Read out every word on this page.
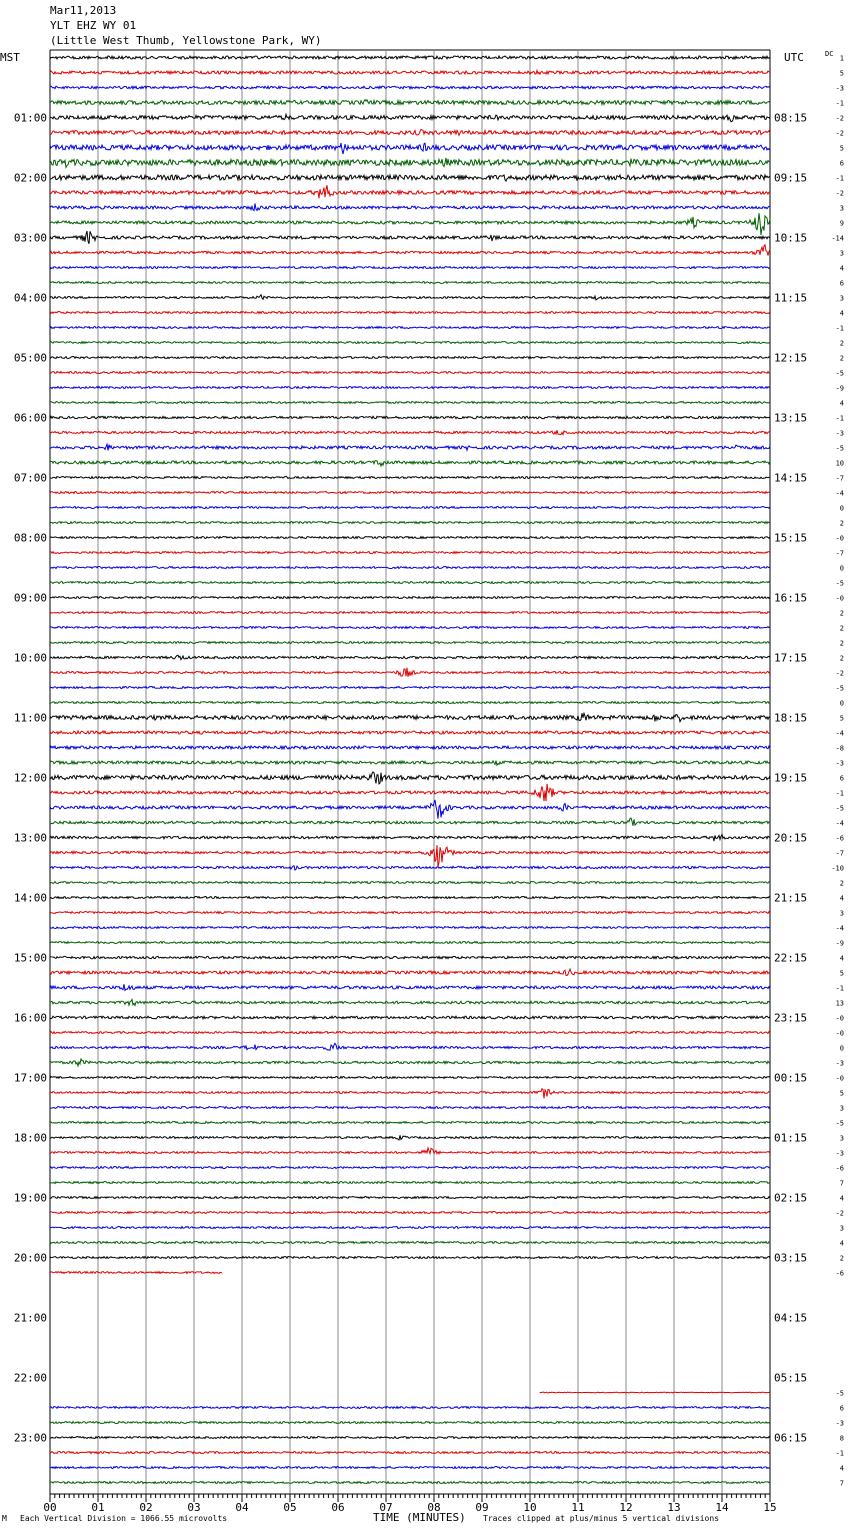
Mar11,2013
YLT EHZ WY 01
(Little West Thumb, Yellowstone Park, WY)
MST	UTC	DC
01:00
02:00
03:00
04:00
05:00
06:00
07:00
08:00
09:00
10:00
11:00
12:00
13:00
14:00
15:00
16:00
17:00
18:00
19:00
20:00
21:00
22:00
23:00
08:15
09:15
10:15
11:15
12:15
13:15
14:15
15:15
16:15
17:15
18:15
19:15
20:15
21:15
22:15
23:15
00:15
01:15
02:15
03:15
04:15
05:15
06:15
1
5
-3
-1
-2
-2
5
6
-1
-2
3
9
-14
3
4
6
3
4
-1
2
2
-5
-9
4
-1
-3
-5
10
-7
-4
0
2
-0
-7
0
-5
-0
2
2
2
2
-2
-5
0
5
-4
-8
-3
6
-1
-5
-4
-6
-7
-10
2
4
3
-4
-9
4
5
-1
13
-0
-0
0
-3
-0
5
3
-5
3
-3
-6
7
4
-2
3
4
2
-6
-5
6
-3
8
-1
4
7
00	01	02	03	04	05	06	07	08	09	10	11	12	13	14	15
M Each Vertical Division = 1066.55 microvolts	TIME (MINUTES) Traces clipped at plus/minus 5 vertical divisions
